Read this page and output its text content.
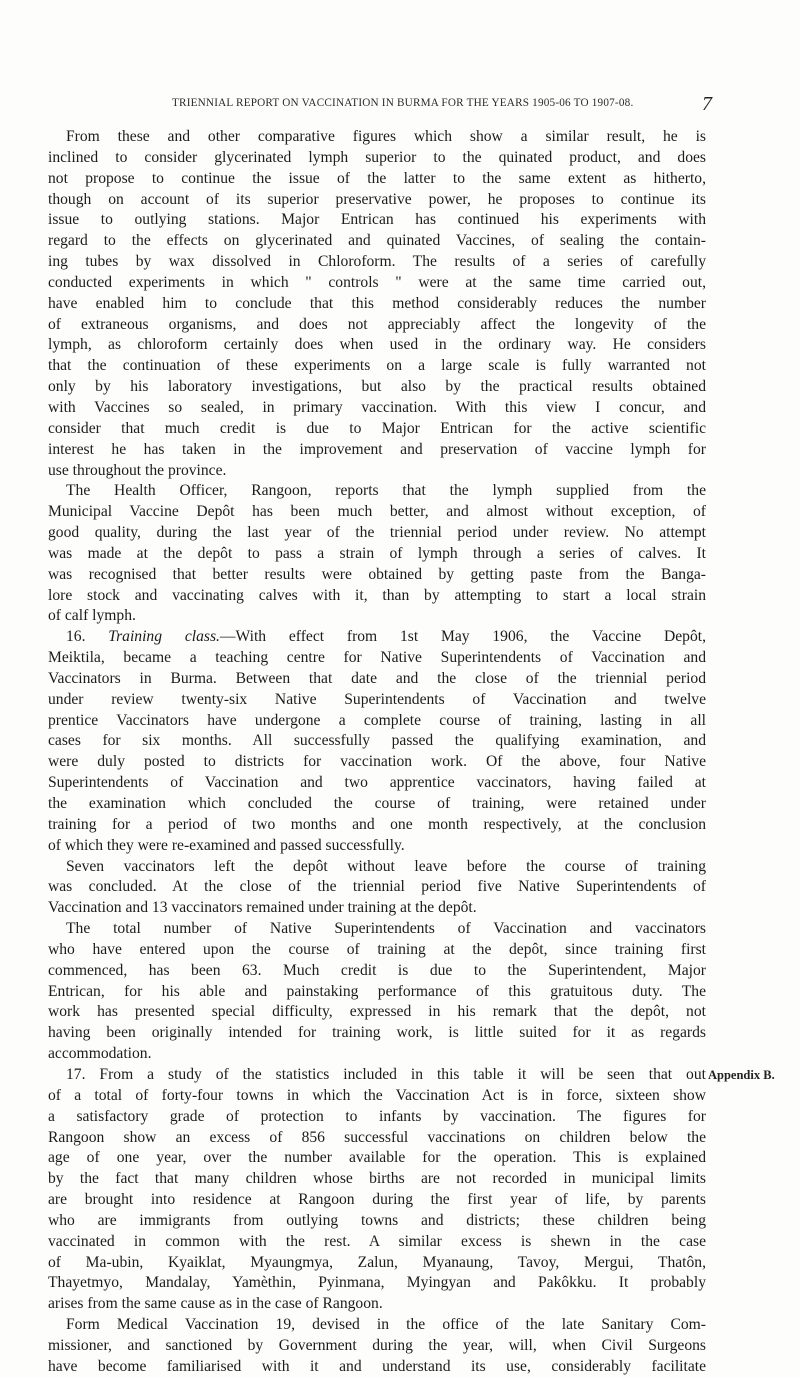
TRIENNIAL REPORT ON VACCINATION IN BURMA FOR THE YEARS 1905-06 TO 1907-08.	7
From these and other comparative figures which show a similar result, he is
inclined to consider glycerinated lymph superior to the quinated product, and does
not propose to continue the issue of the latter to the same extent as hitherto,
though on account of its superior preservative power, he proposes to continue its
issue to outlying stations. Major Entrican has continued his experiments with
regard to the effects on glycerinated and quinated Vaccines, of sealing the contain-
ing tubes by wax dissolved in Chloroform. The results of a series of carefully
conducted experiments in which " controls " were at the same time carried out,
have enabled him to conclude that this method considerably reduces the number
of extraneous organisms, and does not appreciably affect the longevity of the
lymph, as chloroform certainly does when used in the ordinary way. He considers
that the continuation of these experiments on a large scale is fully warranted not
only by his laboratory investigations, but also by the practical results obtained
with Vaccines so sealed, in primary vaccination. With this view I concur, and
consider that much credit is due to Major Entrican for the active scientific
interest he has taken in the improvement and preservation of vaccine lymph for
use throughout the province.
The Health Officer, Rangoon, reports that the lymph supplied from the
Municipal Vaccine Depôt has been much better, and almost without exception, of
good quality, during the last year of the triennial period under review. No attempt
was made at the depôt to pass a strain of lymph through a series of calves. It
was recognised that better results were obtained by getting paste from the Banga-
lore stock and vaccinating calves with it, than by attempting to start a local strain
of calf lymph.
16. Training class.—With effect from 1st May 1906, the Vaccine Depôt,
Meiktila, became a teaching centre for Native Superintendents of Vaccination and
Vaccinators in Burma. Between that date and the close of the triennial period
under review twenty-six Native Superintendents of Vaccination and twelve
prentice Vaccinators have undergone a complete course of training, lasting in all
cases for six months. All successfully passed the qualifying examination, and
were duly posted to districts for vaccination work. Of the above, four Native
Superintendents of Vaccination and two apprentice vaccinators, having failed at
the examination which concluded the course of training, were retained under
training for a period of two months and one month respectively, at the conclusion
of which they were re-examined and passed successfully.
Seven vaccinators left the depôt without leave before the course of training
was concluded. At the close of the triennial period five Native Superintendents of
Vaccination and 13 vaccinators remained under training at the depôt.
The total number of Native Superintendents of Vaccination and vaccinators
who have entered upon the course of training at the depôt, since training first
commenced, has been 63. Much credit is due to the Superintendent, Major
Entrican, for his able and painstaking performance of this gratuitous duty. The
work has presented special difficulty, expressed in his remark that the depôt, not
having been originally intended for training work, is little suited for it as regards
accommodation.
17. From a study of the statistics included in this table it will be seen that out
of a total of forty-four towns in which the Vaccination Act is in force, sixteen show
a satisfactory grade of protection to infants by vaccination. The figures for
Rangoon show an excess of 856 successful vaccinations on children below the
age of one year, over the number available for the operation. This is explained
by the fact that many children whose births are not recorded in municipal limits
are brought into residence at Rangoon during the first year of life, by parents
who are immigrants from outlying towns and districts; these children being
vaccinated in common with the rest. A similar excess is shewn in the case
of Ma-ubin, Kyaiklat, Myaungmya, Zalun, Myanaung, Tavoy, Mergui, Thatôn,
Thayetmyo, Mandalay, Yamèthin, Pyinmana, Myingyan and Pakôkku. It probably
arises from the same cause as in the case of Rangoon.
Form Medical Vaccination 19, devised in the office of the late Sanitary Com-
missioner, and sanctioned by Government during the year, will, when Civil Surgeons
have become familiarised with it and understand its use, considerably facilitate
Appendix B.
